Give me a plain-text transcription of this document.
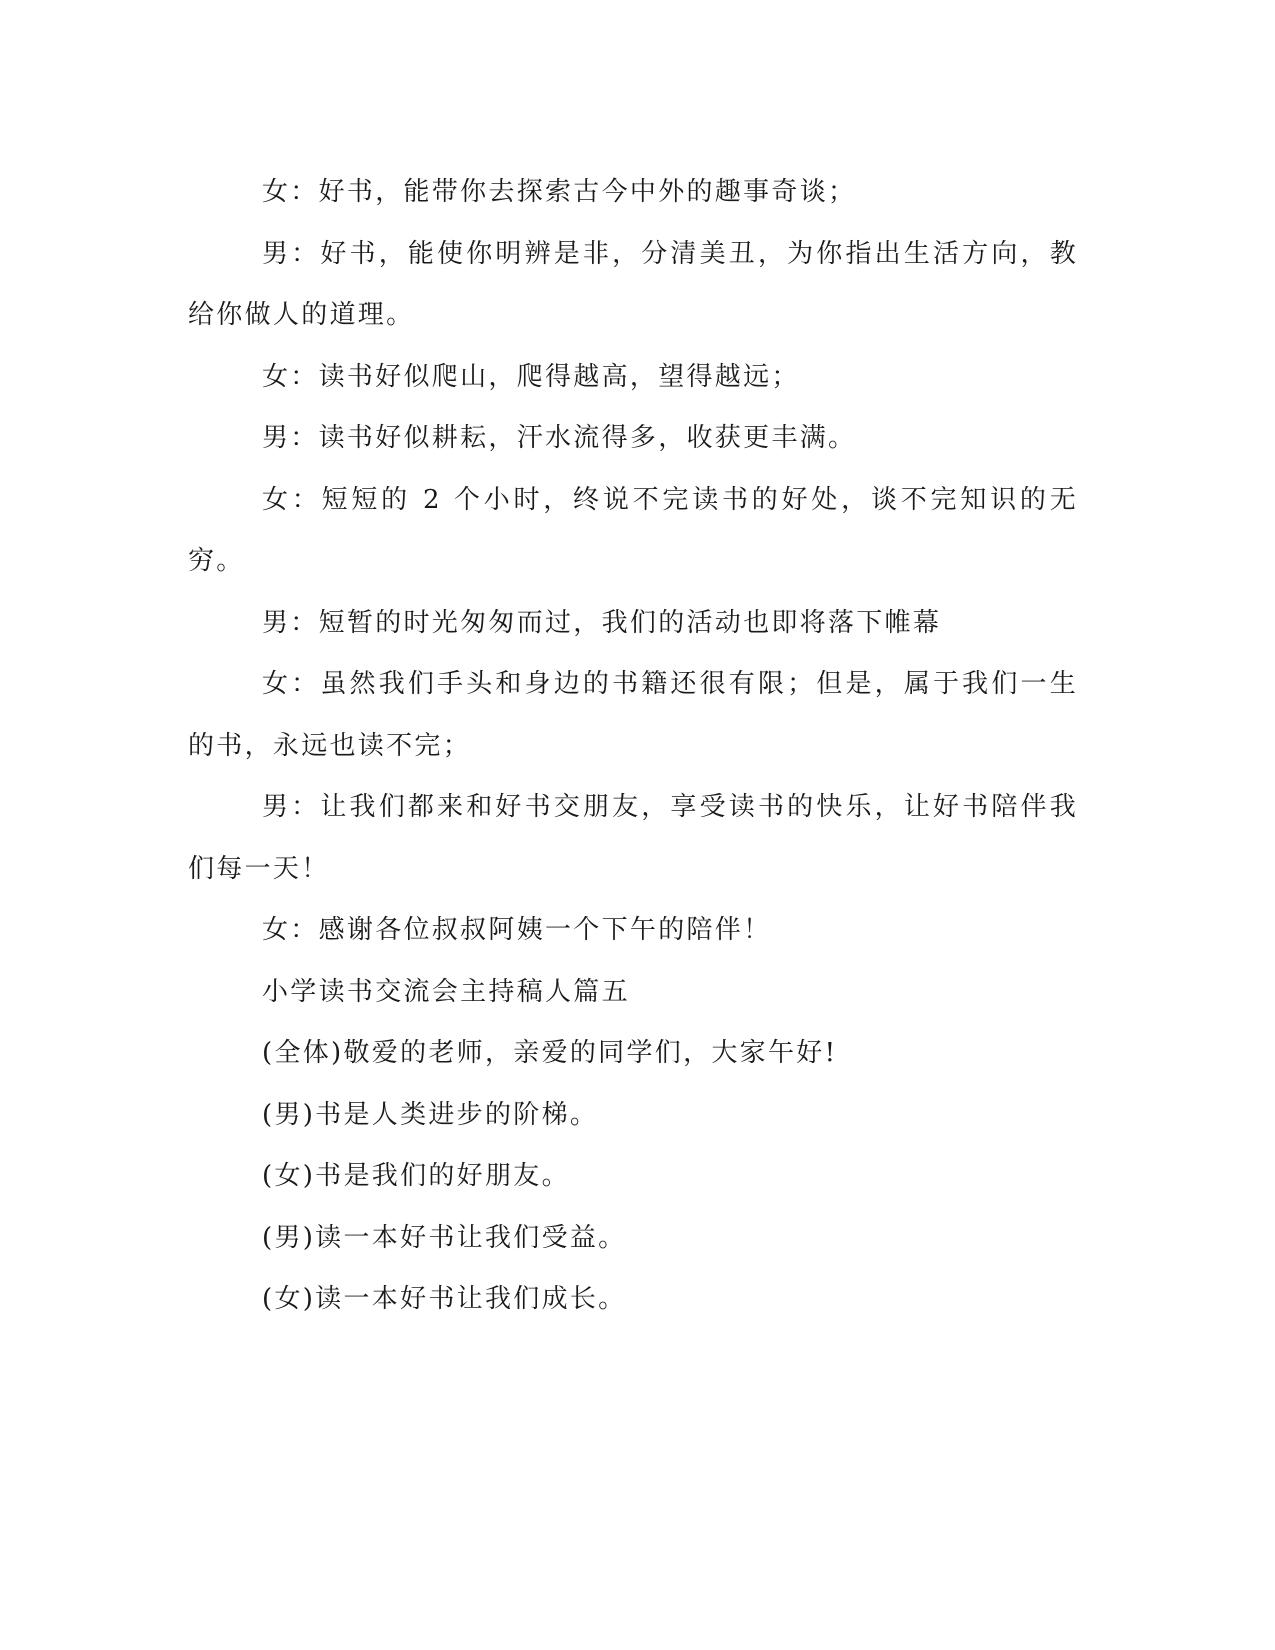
女：好书，能带你去探索古今中外的趣事奇谈；

男：好书，能使你明辨是非，分清美丑，为你指出生活方向，教给你做人的道理。

女：读书好似爬山，爬得越高，望得越远；

男：读书好似耕耘，汗水流得多，收获更丰满。

女：短短的 2 个小时，终说不完读书的好处，谈不完知识的无穷。

男：短暂的时光匆匆而过，我们的活动也即将落下帷幕

女：虽然我们手头和身边的书籍还很有限；但是，属于我们一生的书，永远也读不完；

男：让我们都来和好书交朋友，享受读书的快乐，让好书陪伴我们每一天！

女：感谢各位叔叔阿姨一个下午的陪伴！

小学读书交流会主持稿人篇五

(全体)敬爱的老师，亲爱的同学们，大家午好!

(男)书是人类进步的阶梯。

(女)书是我们的好朋友。

(男)读一本好书让我们受益。

(女)读一本好书让我们成长。
